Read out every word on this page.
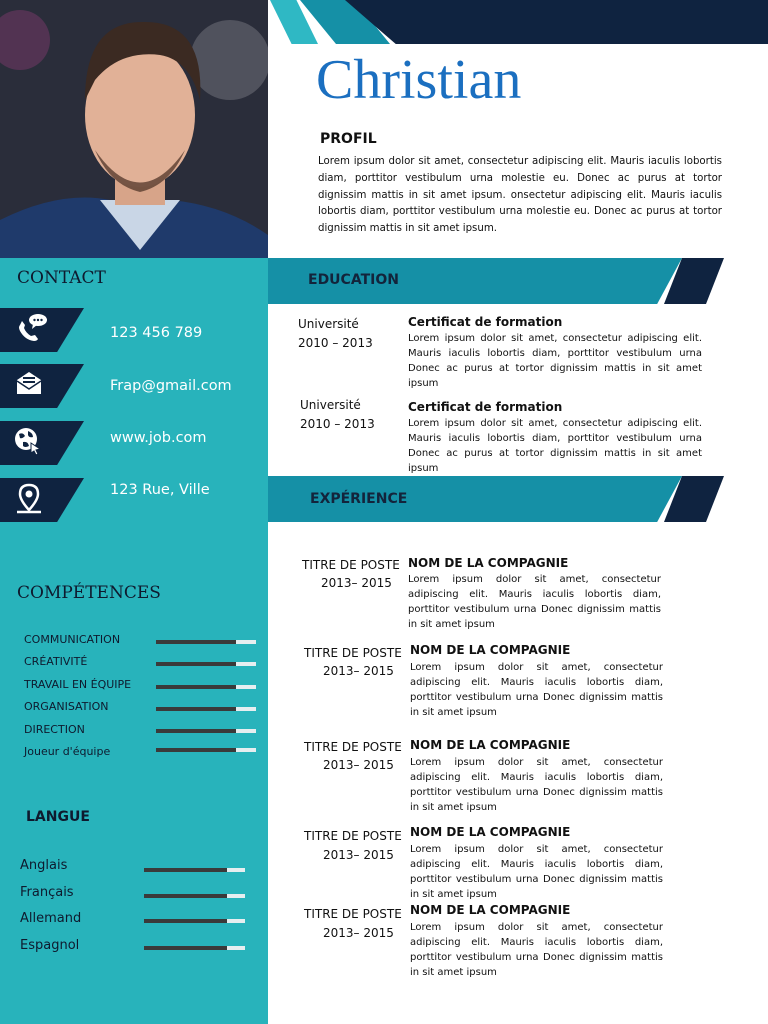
CONTACT
123 456 789
Frap@gmail.com
www.job.com
123 Rue, Ville
COMPÉTENCES
COMMUNICATION
CRÉATIVITÉ
TRAVAIL EN ÉQUIPE
ORGANISATION
DIRECTION
Joueur d'équipe
LANGUE
Anglais
Français
Allemand
Espagnol
Christian
PROFIL
Lorem ipsum dolor sit amet, consectetur adipiscing elit. Mauris iaculis lobortis diam, porttitor vestibulum urna molestie eu. Donec ac purus at tortor dignissim mattis in sit amet ipsum. onsectetur adipiscing elit. Mauris iaculis lobortis diam, porttitor vestibulum urna molestie eu. Donec ac purus at tortor dignissim mattis in sit amet ipsum.
EDUCATION
Université
2010 – 2013
Certificat de formation
Lorem ipsum dolor sit amet, consectetur adipiscing elit. Mauris iaculis lobortis diam, porttitor vestibulum urna Donec ac purus at tortor dignissim mattis in sit amet ipsum
Université
2010 – 2013
Certificat de formation
Lorem ipsum dolor sit amet, consectetur adipiscing elit. Mauris iaculis lobortis diam, porttitor vestibulum urna Donec ac purus at tortor dignissim mattis in sit amet ipsum
EXPÉRIENCE
TITRE DE POSTE
2013– 2015
NOM DE LA COMPAGNIE
Lorem ipsum dolor sit amet, consectetur adipiscing elit. Mauris iaculis lobortis diam, porttitor vestibulum urna Donec dignissim mattis in sit amet ipsum
TITRE DE POSTE
2013– 2015
NOM DE LA COMPAGNIE
Lorem ipsum dolor sit amet, consectetur adipiscing elit. Mauris iaculis lobortis diam, porttitor vestibulum urna Donec dignissim mattis in sit amet ipsum
TITRE DE POSTE
2013– 2015
NOM DE LA COMPAGNIE
Lorem ipsum dolor sit amet, consectetur adipiscing elit. Mauris iaculis lobortis diam, porttitor vestibulum urna Donec dignissim mattis in sit amet ipsum
TITRE DE POSTE
2013– 2015
NOM DE LA COMPAGNIE
Lorem ipsum dolor sit amet, consectetur adipiscing elit. Mauris iaculis lobortis diam, porttitor vestibulum urna Donec dignissim mattis in sit amet ipsum
TITRE DE POSTE
2013– 2015
NOM DE LA COMPAGNIE
Lorem ipsum dolor sit amet, consectetur adipiscing elit. Mauris iaculis lobortis diam, porttitor vestibulum urna Donec dignissim mattis in sit amet ipsum
